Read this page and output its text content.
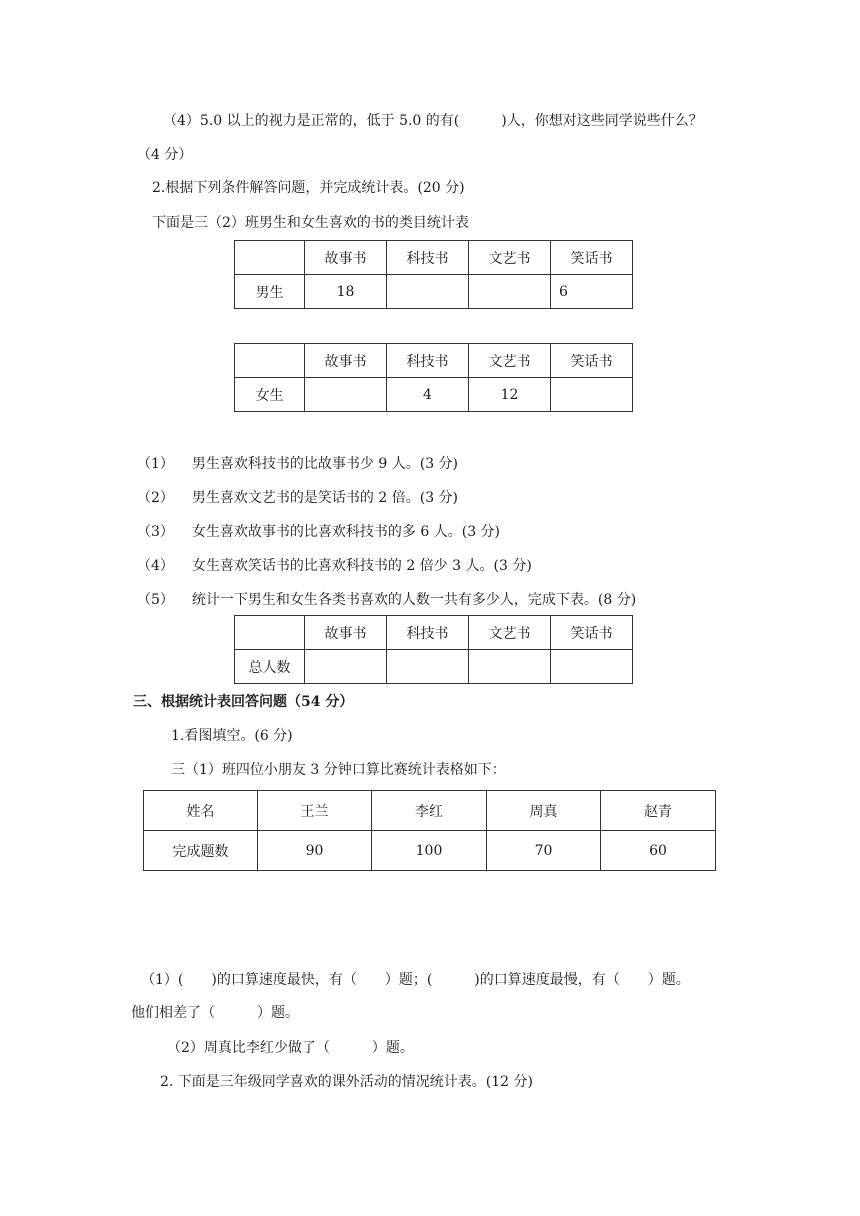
（4）5.0 以上的视力是正常的，低于 5.0 的有(　　　)人，你想对这些同学说些什么？
（4 分）
2.根据下列条件解答问题，并完成统计表。(20 分)
下面是三（2）班男生和女生喜欢的书的类目统计表
	故事书	科技书	文艺书	笑话书
男生	18			6
	故事书	科技书	文艺书	笑话书
女生		4	12	
（1） 男生喜欢科技书的比故事书少 9 人。(3 分)
（2） 男生喜欢文艺书的是笑话书的 2 倍。(3 分)
（3） 女生喜欢故事书的比喜欢科技书的多 6 人。(3 分)
（4） 女生喜欢笑话书的比喜欢科技书的 2 倍少 3 人。(3 分)
（5） 统计一下男生和女生各类书喜欢的人数一共有多少人，完成下表。(8 分)
	故事书	科技书	文艺书	笑话书
总人数				
三、根据统计表回答问题（54 分）
1.看图填空。(6 分)
三（1）班四位小朋友 3 分钟口算比赛统计表格如下：
姓名	王兰	李红	周真	赵青
完成题数	90	100	70	60
（1）(　　)的口算速度最快，有（　　）题；(　　　)的口算速度最慢，有（　　）题。
他们相差了（　　　）题。
（2）周真比李红少做了（　　　）题。
2. 下面是三年级同学喜欢的课外活动的情况统计表。(12 分)
